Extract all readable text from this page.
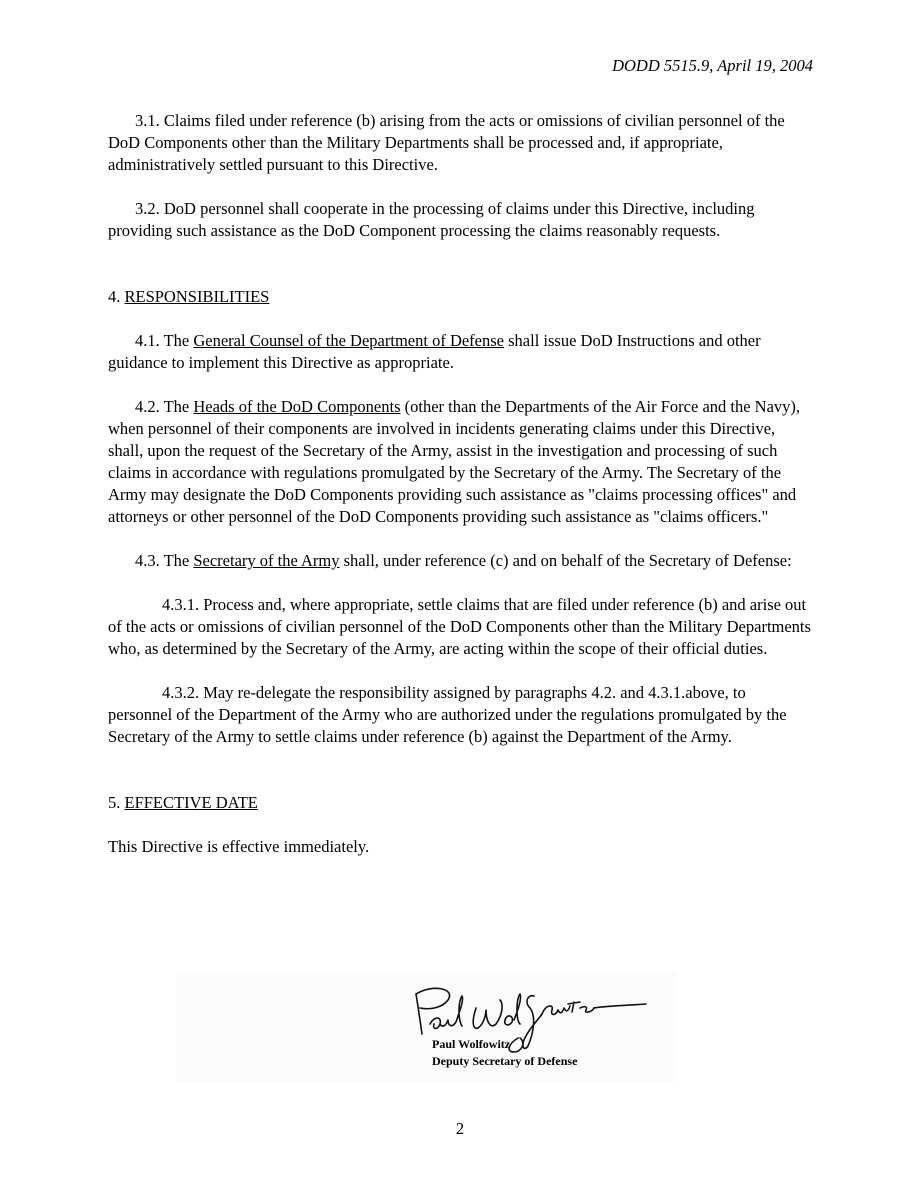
DODD 5515.9, April 19, 2004

3.1. Claims filed under reference (b) arising from the acts or omissions of civilian personnel of the DoD Components other than the Military Departments shall be processed and, if appropriate, administratively settled pursuant to this Directive.

3.2. DoD personnel shall cooperate in the processing of claims under this Directive, including providing such assistance as the DoD Component processing the claims reasonably requests.

4. RESPONSIBILITIES

4.1. The General Counsel of the Department of Defense shall issue DoD Instructions and other guidance to implement this Directive as appropriate.

4.2. The Heads of the DoD Components (other than the Departments of the Air Force and the Navy), when personnel of their components are involved in incidents generating claims under this Directive, shall, upon the request of the Secretary of the Army, assist in the investigation and processing of such claims in accordance with regulations promulgated by the Secretary of the Army. The Secretary of the Army may designate the DoD Components providing such assistance as "claims processing offices" and attorneys or other personnel of the DoD Components providing such assistance as "claims officers."

4.3. The Secretary of the Army shall, under reference (c) and on behalf of the Secretary of Defense:

4.3.1. Process and, where appropriate, settle claims that are filed under reference (b) and arise out of the acts or omissions of civilian personnel of the DoD Components other than the Military Departments who, as determined by the Secretary of the Army, are acting within the scope of their official duties.

4.3.2. May re-delegate the responsibility assigned by paragraphs 4.2. and 4.3.1.above, to personnel of the Department of the Army who are authorized under the regulations promulgated by the Secretary of the Army to settle claims under reference (b) against the Department of the Army.

5. EFFECTIVE DATE

This Directive is effective immediately.

Paul Wolfowitz
Deputy Secretary of Defense
2
